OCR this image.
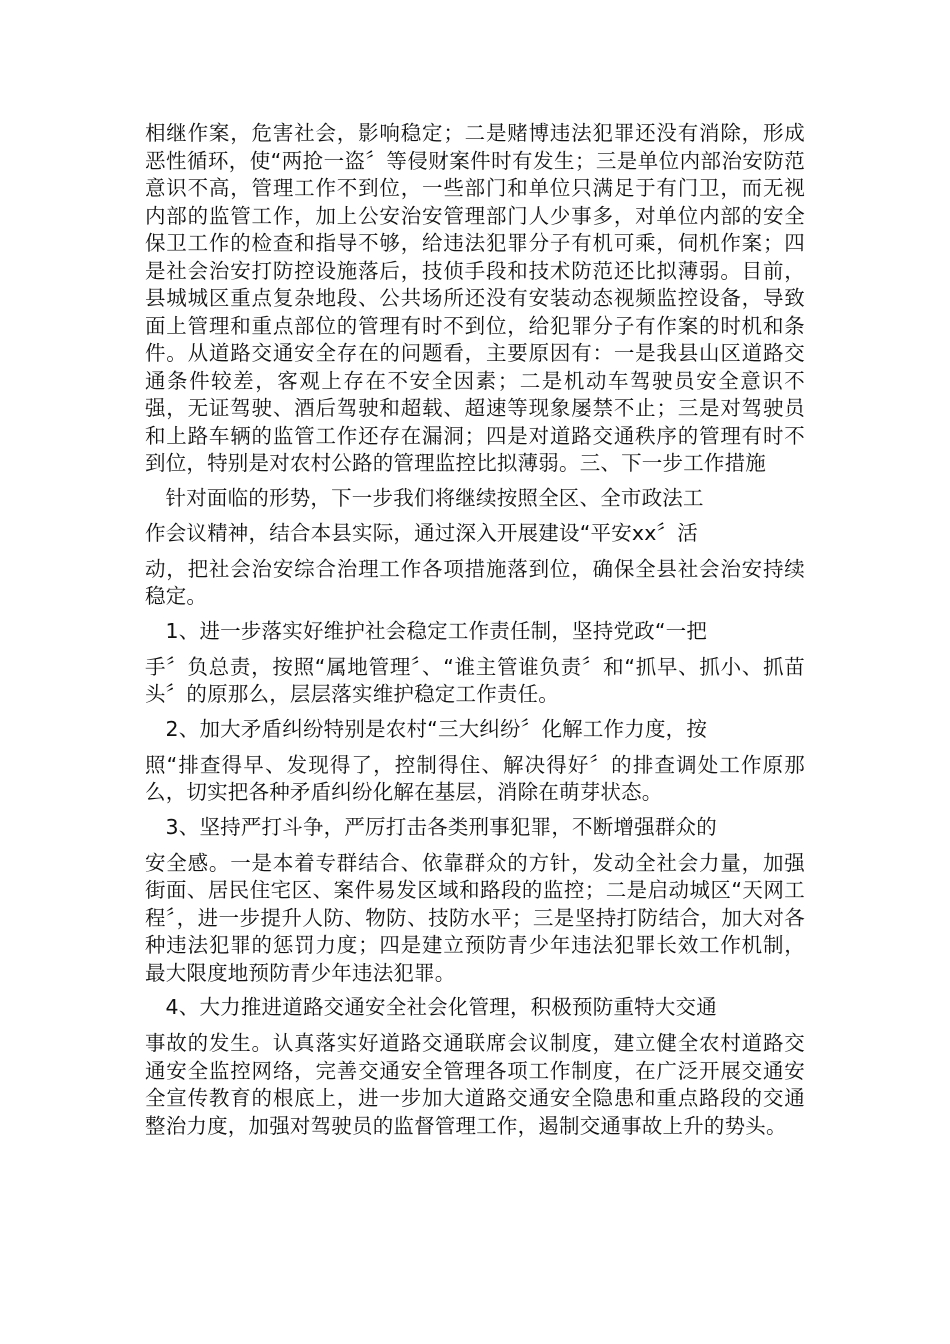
相继作案，危害社会，影响稳定；二是赌博违法犯罪还没有消除，形成恶性循环，使“两抢一盗〞等侵财案件时有发生；三是单位内部治安防范意识不高，管理工作不到位，一些部门和单位只满足于有门卫，而无视内部的监管工作，加上公安治安管理部门人少事多，对单位内部的安全保卫工作的检查和指导不够，给违法犯罪分子有机可乘，伺机作案；四是社会治安打防控设施落后，技侦手段和技术防范还比拟薄弱。目前，县城城区重点复杂地段、公共场所还没有安装动态视频监控设备，导致面上管理和重点部位的管理有时不到位，给犯罪分子有作案的时机和条件。从道路交通安全存在的问题看，主要原因有：一是我县山区道路交通条件较差，客观上存在不安全因素；二是机动车驾驶员安全意识不强，无证驾驶、酒后驾驶和超载、超速等现象屡禁不止；三是对驾驶员和上路车辆的监管工作还存在漏洞；四是对道路交通秩序的管理有时不到位，特别是对农村公路的管理监控比拟薄弱。三、下一步工作措施

针对面临的形势，下一步我们将继续按照全区、全市政法工
作会议精神，结合本县实际，通过深入开展建设“平安xx〞活
动，把社会治安综合治理工作各项措施落到位，确保全县社会治安持续稳定。

1、进一步落实好维护社会稳定工作责任制，坚持党政“一把
手〞负总责，按照“属地管理〞、“谁主管谁负责〞和“抓早、抓小、抓苗头〞的原那么，层层落实维护稳定工作责任。

2、加大矛盾纠纷特别是农村“三大纠纷〞化解工作力度，按
照“排查得早、发现得了，控制得住、解决得好〞的排查调处工作原那么，切实把各种矛盾纠纷化解在基层，消除在萌芽状态。

3、坚持严打斗争，严厉打击各类刑事犯罪，不断增强群众的
安全感。一是本着专群结合、依靠群众的方针，发动全社会力量，加强街面、居民住宅区、案件易发区域和路段的监控；二是启动城区“天网工程〞，进一步提升人防、物防、技防水平；三是坚持打防结合，加大对各种违法犯罪的惩罚力度；四是建立预防青少年违法犯罪长效工作机制，最大限度地预防青少年违法犯罪。

4、大力推进道路交通安全社会化管理，积极预防重特大交通
事故的发生。认真落实好道路交通联席会议制度，建立健全农村道路交通安全监控网络，完善交通安全管理各项工作制度，在广泛开展交通安全宣传教育的根底上，进一步加大道路交通安全隐患和重点路段的交通整治力度，加强对驾驶员的监督管理工作，遏制交通事故上升的势头。
